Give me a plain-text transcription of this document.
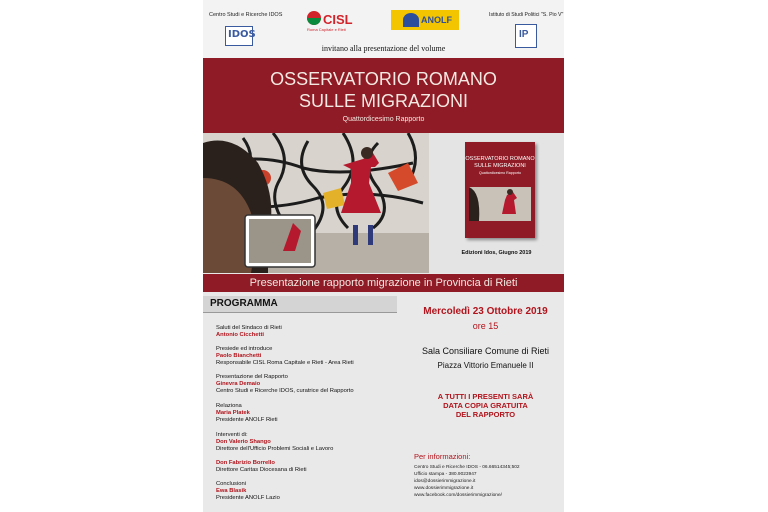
Centro Studi e Ricerche IDOS
IDOS
CISL
Roma Capitale e Rieti
ANOLF	Istituto di Studi Politici "S. Pio V"
IP
invitano alla presentazione del volume
OSSERVATORIO ROMANO
SULLE MIGRAZIONI
Quattordicesimo Rapporto
OSSERVATORIO ROMANO
SULLE MIGRAZIONI
Quattordicesimo Rapporto
Edizioni Idos, Giugno 2019
Presentazione rapporto migrazione in Provincia di Rieti
PROGRAMMA
Saluti del Sindaco di Rieti
Antonio Cicchetti
Presiede ed introduce
Paolo Bianchetti
Responsabile CISL Roma Capitale e Rieti - Area Rieti
Presentazione del Rapporto
Ginevra Demaio
Centro Studi e Ricerche IDOS, curatrice del Rapporto
Relaziona
Maria Platek
Presidente ANOLF Rieti
Interventi di:
Don Valerio Shango
Direttore dell'Ufficio Problemi Sociali e Lavoro
Don Fabrizio Borrello
Direttore Caritas Diocesana di Rieti
Conclusioni
Ewa Blasik
Presidente ANOLF Lazio
Mercoledì 23 Ottobre 2019
ore 15
Sala Consiliare Comune di Rieti
Piazza Vittorio Emanuele II
A TUTTI I PRESENTI SARÀ
DATA COPIA GRATUITA
DEL RAPPORTO
Per informazioni:
Centro Studi e Ricerche IDOS - 06.66514345;502
Ufficio stampa - 380.9023947
idos@dossierimmigrazione.it
www.dossierimmigrazione.it
www.facebook.com/dossierimmigrazione/
